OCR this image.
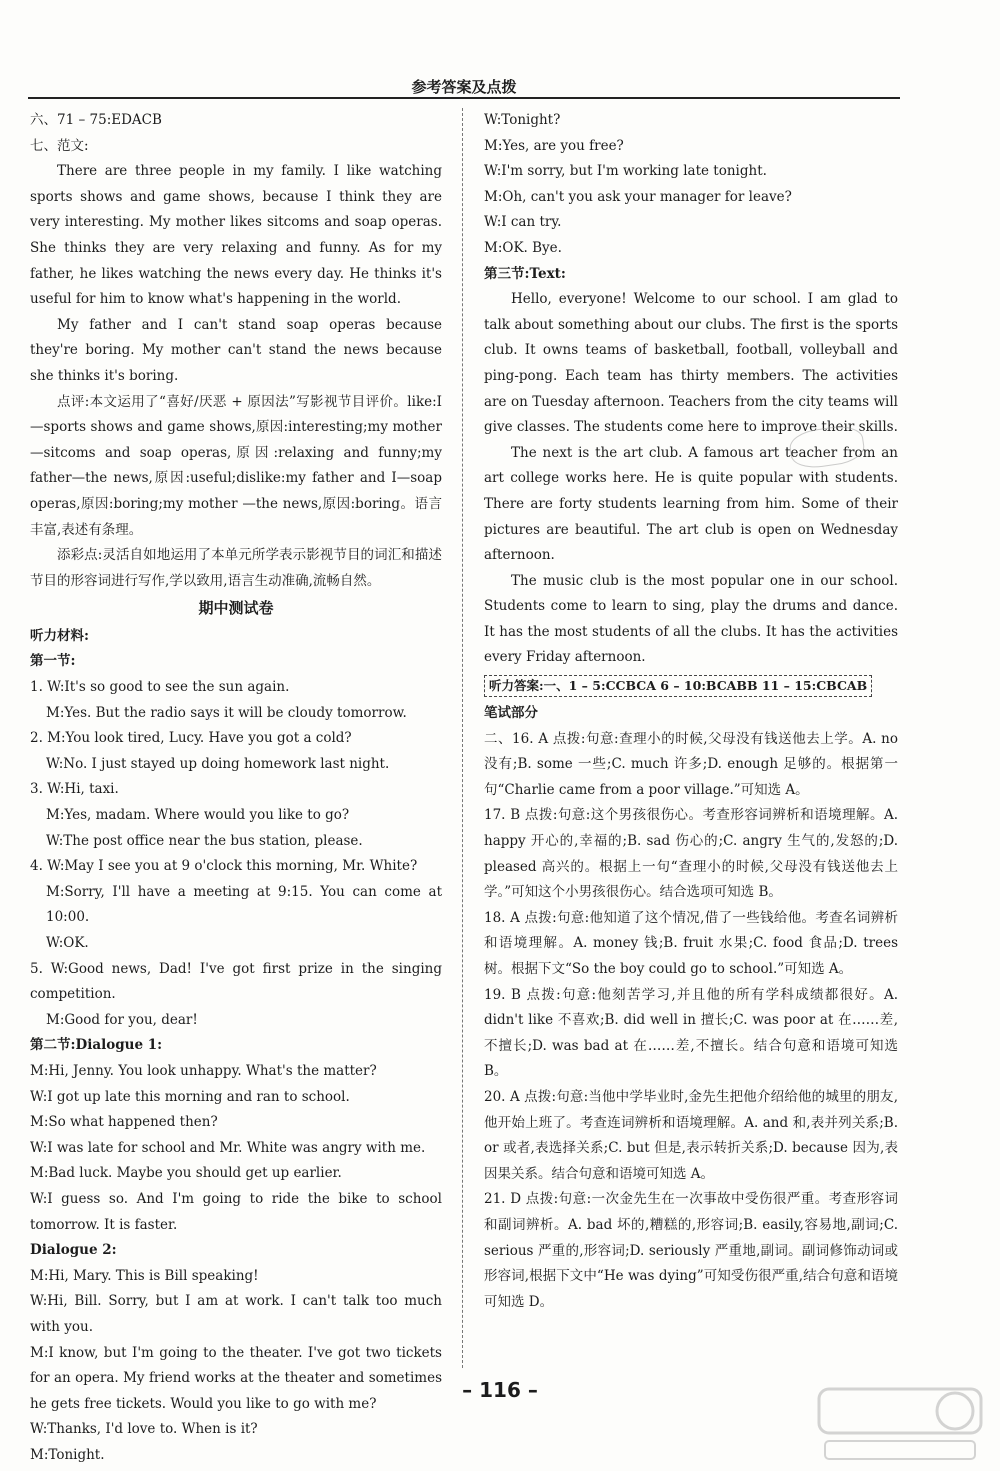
参考答案及点拨

六、71 – 75:EDACB

七、范文:

There are three people in my family. I like watching sports shows and game shows, because I think they are very interesting. My mother likes sitcoms and soap operas. She thinks they are very relaxing and funny. As for my father, he likes watching the news every day. He thinks it's useful for him to know what's happening in the world.

My father and I can't stand soap operas because they're boring. My mother can't stand the news because she thinks it's boring.

点评:本文运用了“喜好/厌恶 + 原因法”写影视节目评价。like:I—sports shows and game shows,原因:interesting;my mother—sitcoms and soap operas,原因:relaxing and funny;my father—the news,原因:useful;dislike:my father and I—soap operas,原因:boring;my mother —the news,原因:boring。语言丰富,表述有条理。

添彩点:灵活自如地运用了本单元所学表示影视节目的词汇和描述节目的形容词进行写作,学以致用,语言生动准确,流畅自然。

期中测试卷

听力材料:

第一节:

1. W:It's so good to see the sun again.

M:Yes. But the radio says it will be cloudy tomorrow.

2. M:You look tired, Lucy. Have you got a cold?

W:No. I just stayed up doing homework last night.

3. W:Hi, taxi.

M:Yes, madam. Where would you like to go?

W:The post office near the bus station, please.

4. W:May I see you at 9 o'clock this morning, Mr. White?

M:Sorry, I'll have a meeting at 9:15. You can come at 10:00.

W:OK.

5. W:Good news, Dad! I've got first prize in the singing competition.

M:Good for you, dear!

第二节:Dialogue 1:

M:Hi, Jenny. You look unhappy. What's the matter?

W:I got up late this morning and ran to school.

M:So what happened then?

W:I was late for school and Mr. White was angry with me.

M:Bad luck. Maybe you should get up earlier.

W:I guess so. And I'm going to ride the bike to school tomorrow. It is faster.

Dialogue 2:

M:Hi, Mary. This is Bill speaking!

W:Hi, Bill. Sorry, but I am at work. I can't talk too much with you.

M:I know, but I'm going to the theater. I've got two tickets for an opera. My friend works at the theater and sometimes he gets free tickets. Would you like to go with me?

W:Thanks, I'd love to. When is it?

M:Tonight.

W:Tonight?

M:Yes, are you free?

W:I'm sorry, but I'm working late tonight.

M:Oh, can't you ask your manager for leave?

W:I can try.

M:OK. Bye.

第三节:Text:

Hello, everyone! Welcome to our school. I am glad to talk about something about our clubs. The first is the sports club. It owns teams of basketball, football, volleyball and ping-pong. Each team has thirty members. The activities are on Tuesday afternoon. Teachers from the city teams will give classes. The students come here to improve their skills.

The next is the art club. A famous art teacher from an art college works here. He is quite popular with students. There are forty students learning from him. Some of their pictures are beautiful. The art club is open on Wednesday afternoon.

The music club is the most popular one in our school. Students come to learn to sing, play the drums and dance. It has the most students of all the clubs. It has the activities every Friday afternoon.

听力答案:一、1 – 5:CCBCA 6 – 10:BCABB 11 – 15:CBCAB

笔试部分

二、16. A 点拨:句意:查理小的时候,父母没有钱送他去上学。A. no 没有;B. some 一些;C. much 许多;D. enough 足够的。根据第一句“Charlie came from a poor village.”可知选 A。

17. B 点拨:句意:这个男孩很伤心。考查形容词辨析和语境理解。A. happy 开心的,幸福的;B. sad 伤心的;C. angry 生气的,发怒的;D. pleased 高兴的。根据上一句“查理小的时候,父母没有钱送他去上学。”可知这个小男孩很伤心。结合选项可知选 B。

18. A 点拨:句意:他知道了这个情况,借了一些钱给他。考查名词辨析和语境理解。A. money 钱;B. fruit 水果;C. food 食品;D. trees 树。根据下文“So the boy could go to school.”可知选 A。

19. B 点拨:句意:他刻苦学习,并且他的所有学科成绩都很好。A. didn't like 不喜欢;B. did well in 擅长;C. was poor at 在……差,不擅长;D. was bad at 在……差,不擅长。结合句意和语境可知选 B。

20. A 点拨:句意:当他中学毕业时,金先生把他介绍给他的城里的朋友,他开始上班了。考查连词辨析和语境理解。A. and 和,表并列关系;B. or 或者,表选择关系;C. but 但是,表示转折关系;D. because 因为,表因果关系。结合句意和语境可知选 A。

21. D 点拨:句意:一次金先生在一次事故中受伤很严重。考查形容词和副词辨析。A. bad 坏的,糟糕的,形容词;B. easily,容易地,副词;C. serious 严重的,形容词;D. seriously 严重地,副词。副词修饰动词或形容词,根据下文中“He was dying”可知受伤很严重,结合句意和语境可知选 D。

– 116 –
